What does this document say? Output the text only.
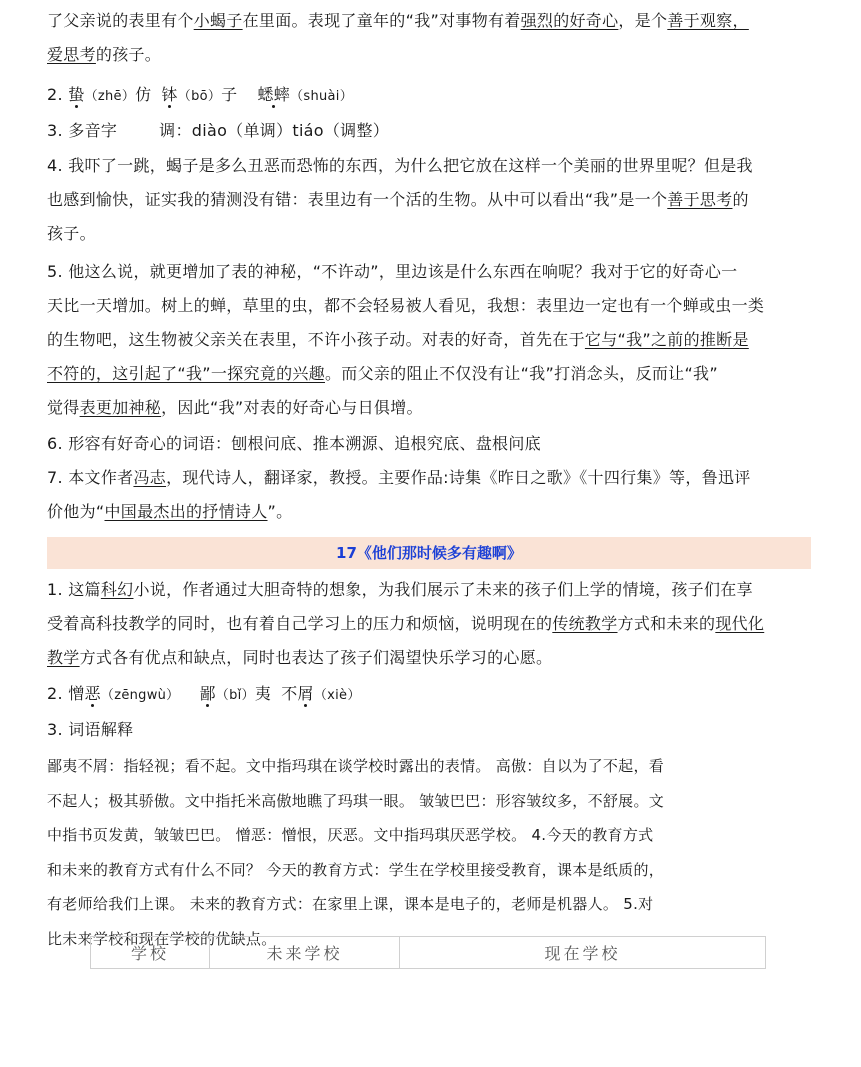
了父亲说的表里有个小蝎子在里面。表现了童年的“我”对事物有着强烈的好奇心，是个善于观察，

爱思考的孩子。

2. 蛰（zhē）仿 钵（bō）子 蟋蟀（shuài）

3. 多音字	调：diào（单调）tiáo（调整）

4. 我吓了一跳，蝎子是多么丑恶而恐怖的东西，为什么把它放在这样一个美丽的世界里呢？但是我

也感到愉快，证实我的猜测没有错：表里边有一个活的生物。从中可以看出“我”是一个善于思考的

孩子。

5. 他这么说，就更增加了表的神秘，“不许动”，里边该是什么东西在响呢？我对于它的好奇心一

天比一天增加。树上的蝉，草里的虫，都不会轻易被人看见，我想：表里边一定也有一个蝉或虫一类

的生物吧，这生物被父亲关在表里，不许小孩子动。对表的好奇，首先在于它与“我”之前的推断是

不符的，这引起了“我”一探究竟的兴趣。而父亲的阻止不仅没有让“我”打消念头，反而让“我”

觉得表更加神秘，因此“我”对表的好奇心与日俱增。

6. 形容有好奇心的词语：刨根问底、推本溯源、追根究底、盘根问底

7. 本文作者冯志，现代诗人，翻译家，教授。主要作品:诗集《昨日之歌》《十四行集》等，鲁迅评

价他为“中国最杰出的抒情诗人”。

17《他们那时候多有趣啊》

1. 这篇科幻小说，作者通过大胆奇特的想象，为我们展示了未来的孩子们上学的情境，孩子们在享

受着高科技教学的同时，也有着自己学习上的压力和烦恼，说明现在的传统教学方式和未来的现代化

教学方式各有优点和缺点，同时也表达了孩子们渴望快乐学习的心愿。

2. 憎恶（zēngwù） 鄙（bǐ）夷 不屑（xiè）

3. 词语解释

鄙夷不屑：指轻视；看不起。文中指玛琪在谈学校时露出的表情。 高傲：自以为了不起，看

不起人；极其骄傲。文中指托米高傲地瞧了玛琪一眼。 皱皱巴巴：形容皱纹多，不舒展。文

中指书页发黄，皱皱巴巴。 憎恶：憎恨，厌恶。文中指玛琪厌恶学校。 4.今天的教育方式

和未来的教育方式有什么不同？ 今天的教育方式：学生在学校里接受教育，课本是纸质的，

有老师给我们上课。 未来的教育方式：在家里上课，课本是电子的，老师是机器人。 5.对

比未来学校和现在学校的优缺点。

学校	未来学校	现在学校
